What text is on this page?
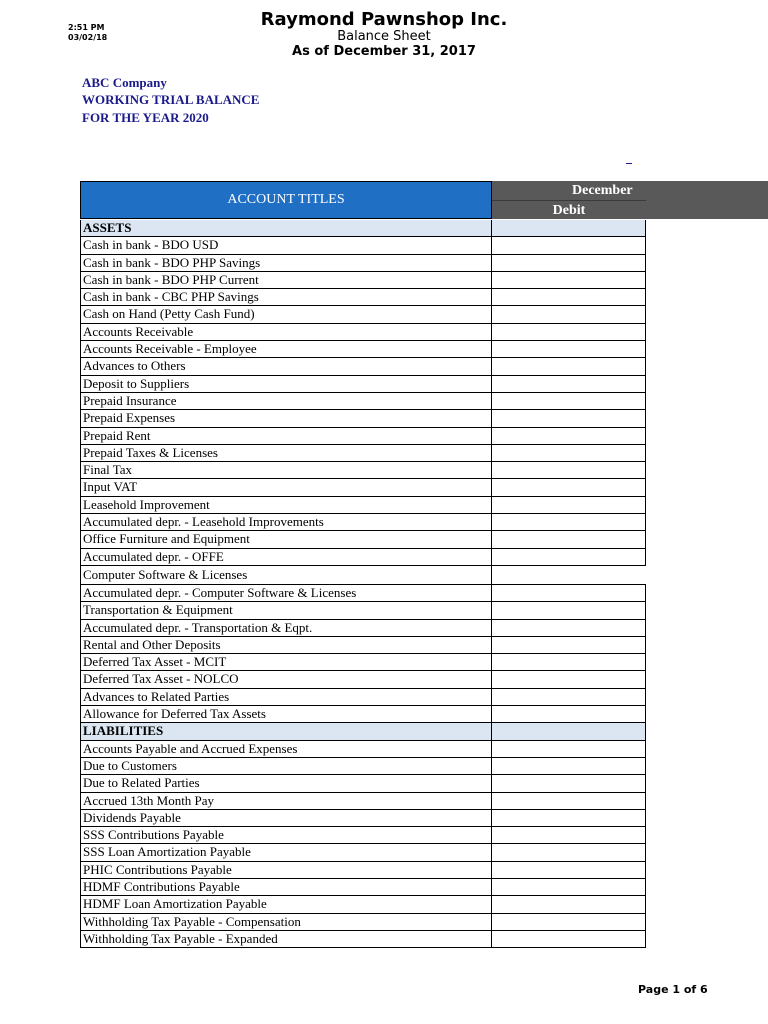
2:51 PM
03/02/18
Raymond Pawnshop Inc.
Balance Sheet
As of December 31, 2017
ABC Company
WORKING TRIAL BALANCE
FOR THE YEAR 2020
ACCOUNT TITLES
December
Debit
ASSETS
Cash in bank - BDO USD
Cash in bank - BDO PHP Savings
Cash in bank - BDO PHP Current
Cash in bank - CBC PHP Savings
Cash on Hand (Petty Cash Fund)
Accounts Receivable
Accounts Receivable - Employee
Advances to Others
Deposit to Suppliers
Prepaid Insurance
Prepaid Expenses
Prepaid Rent
Prepaid Taxes & Licenses
Final Tax
Input VAT
Leasehold Improvement
Accumulated depr. - Leasehold Improvements
Office Furniture and Equipment
Accumulated depr. - OFFE
Computer Software & Licenses
Accumulated depr. - Computer Software & Licenses
Transportation & Equipment
Accumulated depr. - Transportation & Eqpt.
Rental and Other Deposits
Deferred Tax Asset - MCIT
Deferred Tax Asset - NOLCO
Advances to Related Parties
Allowance for Deferred Tax Assets
LIABILITIES
Accounts Payable and Accrued Expenses
Due to Customers
Due to Related Parties
Accrued 13th Month Pay
Dividends Payable
SSS Contributions Payable
SSS Loan Amortization Payable
PHIC Contributions Payable
HDMF Contributions Payable
HDMF Loan Amortization Payable
Withholding Tax Payable - Compensation
Withholding Tax Payable - Expanded
Page 1 of 6
